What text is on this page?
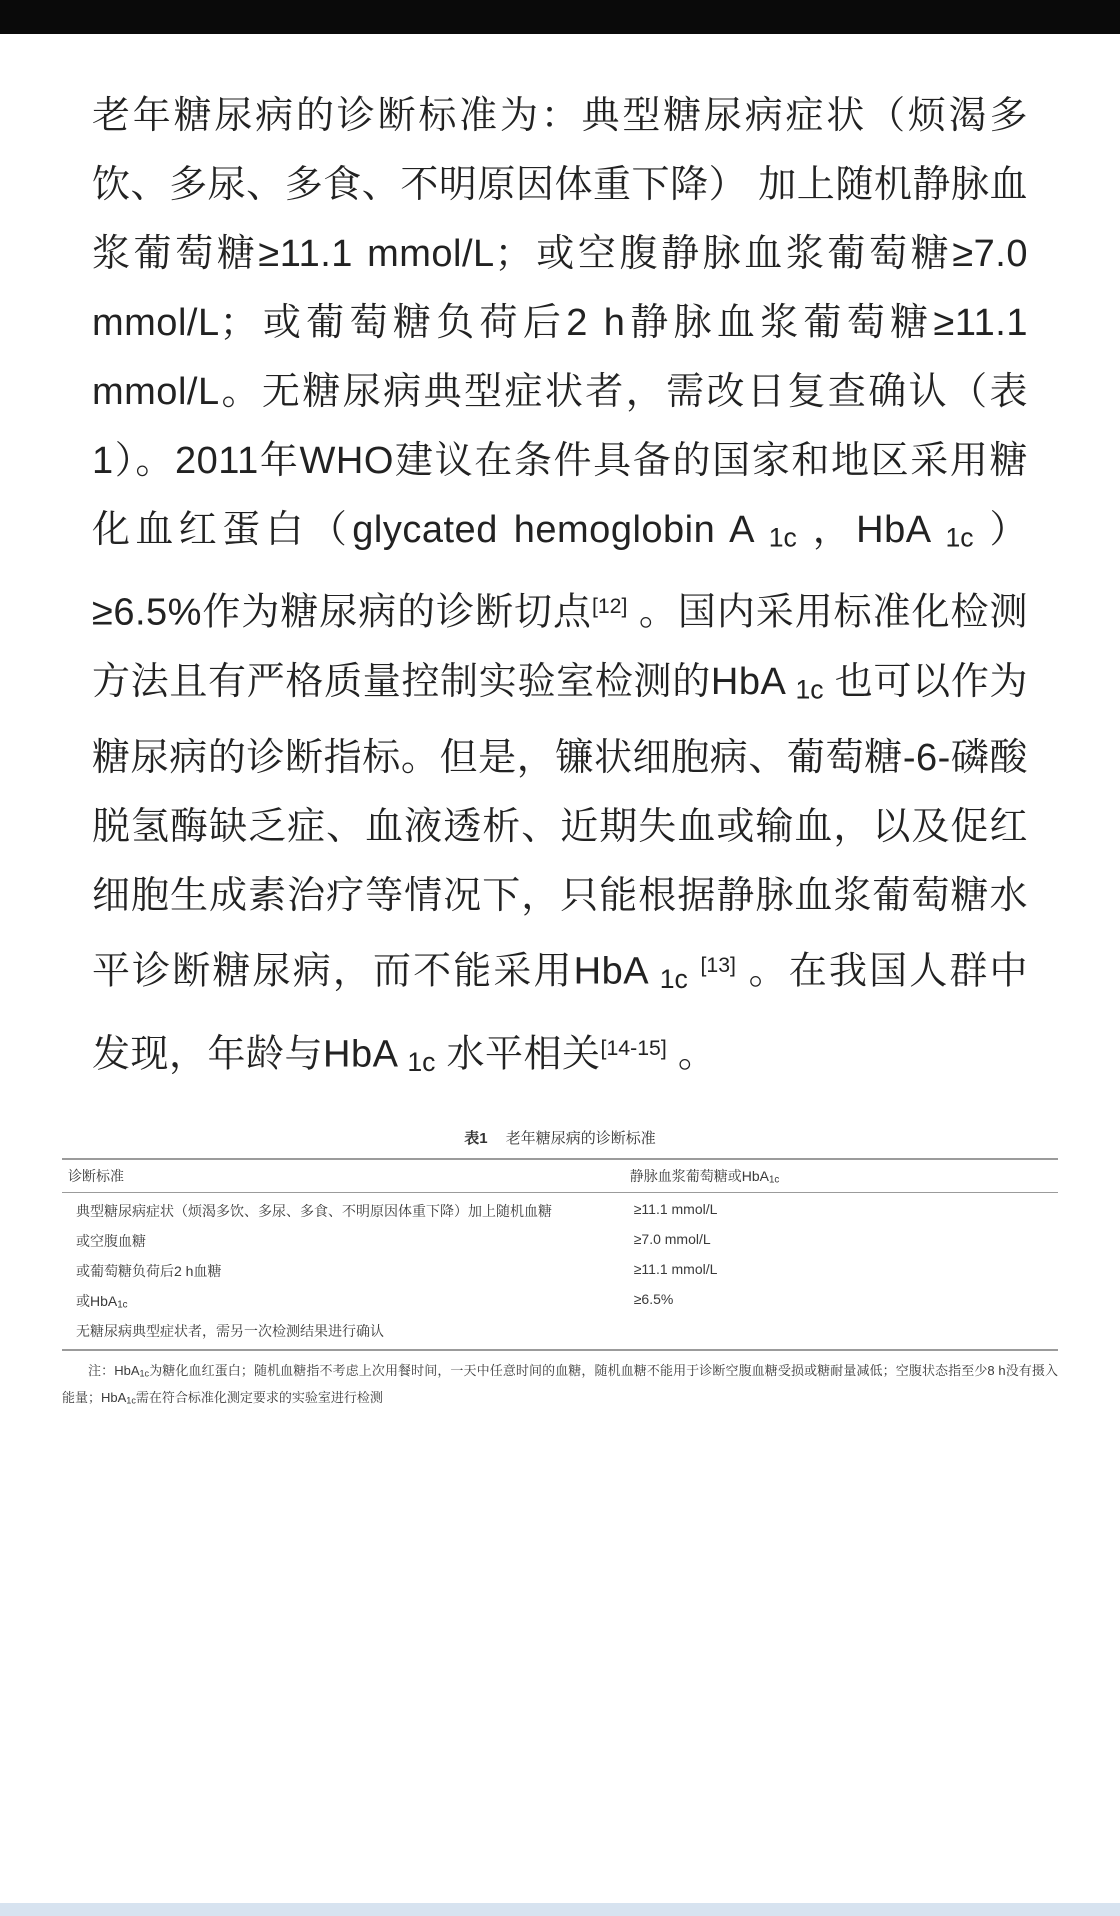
老年糖尿病的诊断标准为：典型糖尿病症状（烦渴多饮、多尿、多食、不明原因体重下降） 加上随机静脉血浆葡萄糖≥11.1 mmol/L；或空腹静脉血浆葡萄糖≥7.0 mmol/L；或葡萄糖负荷后2 h静脉血浆葡萄糖≥11.1 mmol/L。无糖尿病典型症状者，需改日复查确认（表1）。2011年WHO建议在条件具备的国家和地区采用糖化血红蛋白（glycated hemoglobin A 1c ，HbA 1c ）≥6.5%作为糖尿病的诊断切点[12] 。国内采用标准化检测方法且有严格质量控制实验室检测的HbA 1c 也可以作为糖尿病的诊断指标。但是，镰状细胞病、葡萄糖-6-磷酸脱氢酶缺乏症、血液透析、近期失血或输血，以及促红细胞生成素治疗等情况下，只能根据静脉血浆葡萄糖水平诊断糖尿病，而不能采用HbA 1c [13] 。在我国人群中发现，年龄与HbA 1c 水平相关[14-15] 。
表1 老年糖尿病的诊断标准
诊断标准	静脉血浆葡萄糖或HbA1c
典型糖尿病症状（烦渴多饮、多尿、多食、不明原因体重下降）加上随机血糖	≥11.1 mmol/L
或空腹血糖	≥7.0 mmol/L
或葡萄糖负荷后2 h血糖	≥11.1 mmol/L
或HbA1c	≥6.5%
无糖尿病典型症状者，需另一次检测结果进行确认	
注：HbA1c为糖化血红蛋白；随机血糖指不考虑上次用餐时间，一天中任意时间的血糖，随机血糖不能用于诊断空腹血糖受损或糖耐量减低；空腹状态指至少8 h没有摄入能量；HbA1c需在符合标准化测定要求的实验室进行检测
